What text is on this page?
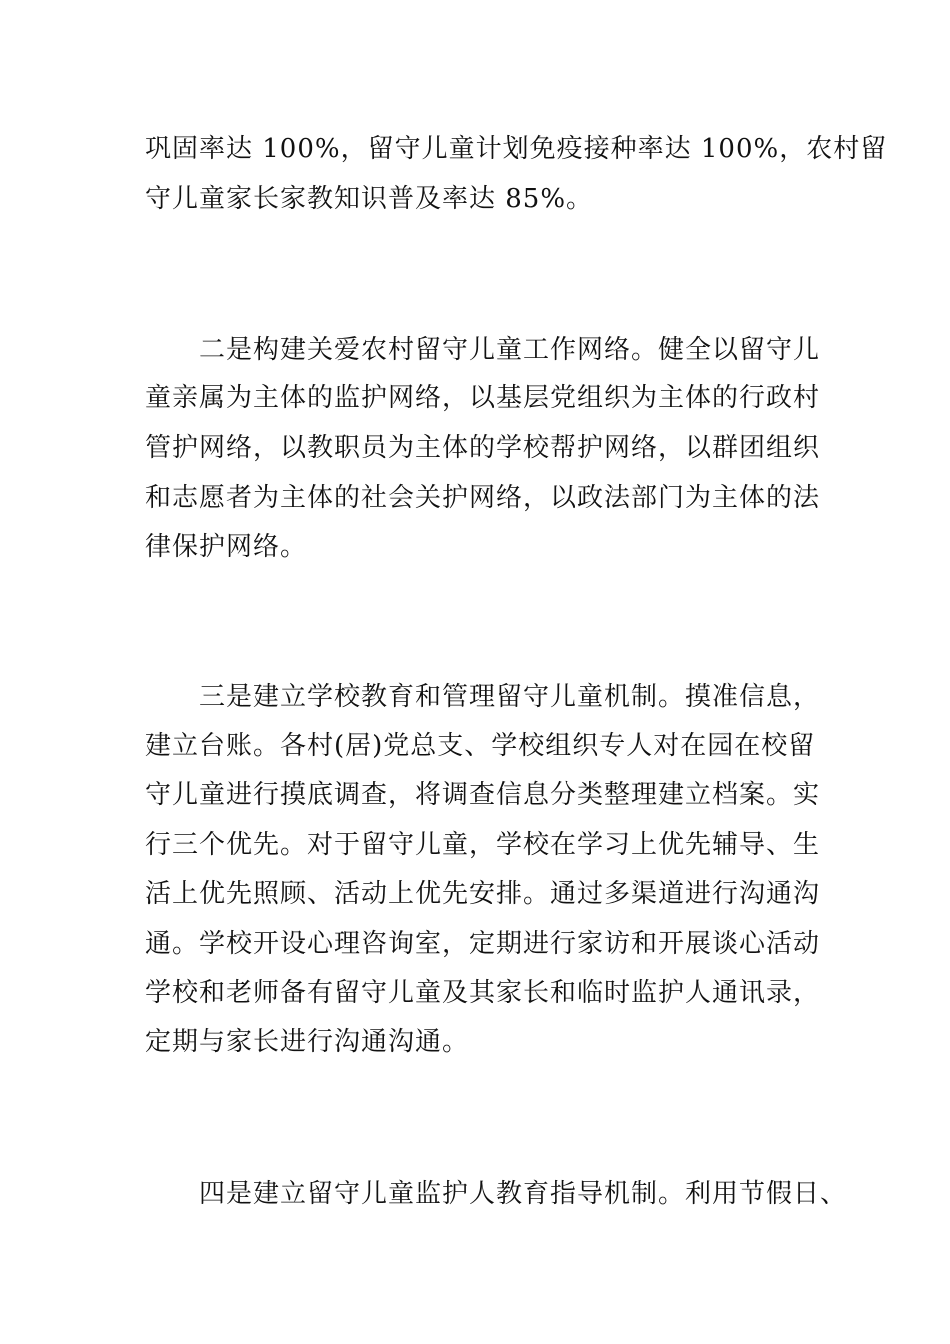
巩固率达 100%，留守儿童计划免疫接种率达 100%，农村留

守儿童家长家教知识普及率达 85%。

二是构建关爱农村留守儿童工作网络。健全以留守儿

童亲属为主体的监护网络，以基层党组织为主体的行政村

管护网络，以教职员为主体的学校帮护网络，以群团组织

和志愿者为主体的社会关护网络，以政法部门为主体的法

律保护网络。

三是建立学校教育和管理留守儿童机制。摸准信息，

建立台账。各村(居)党总支、学校组织专人对在园在校留

守儿童进行摸底调查，将调查信息分类整理建立档案。实

行三个优先。对于留守儿童，学校在学习上优先辅导、生

活上优先照顾、活动上优先安排。通过多渠道进行沟通沟

通。学校开设心理咨询室，定期进行家访和开展谈心活动

学校和老师备有留守儿童及其家长和临时监护人通讯录，

定期与家长进行沟通沟通。

四是建立留守儿童监护人教育指导机制。利用节假日、
